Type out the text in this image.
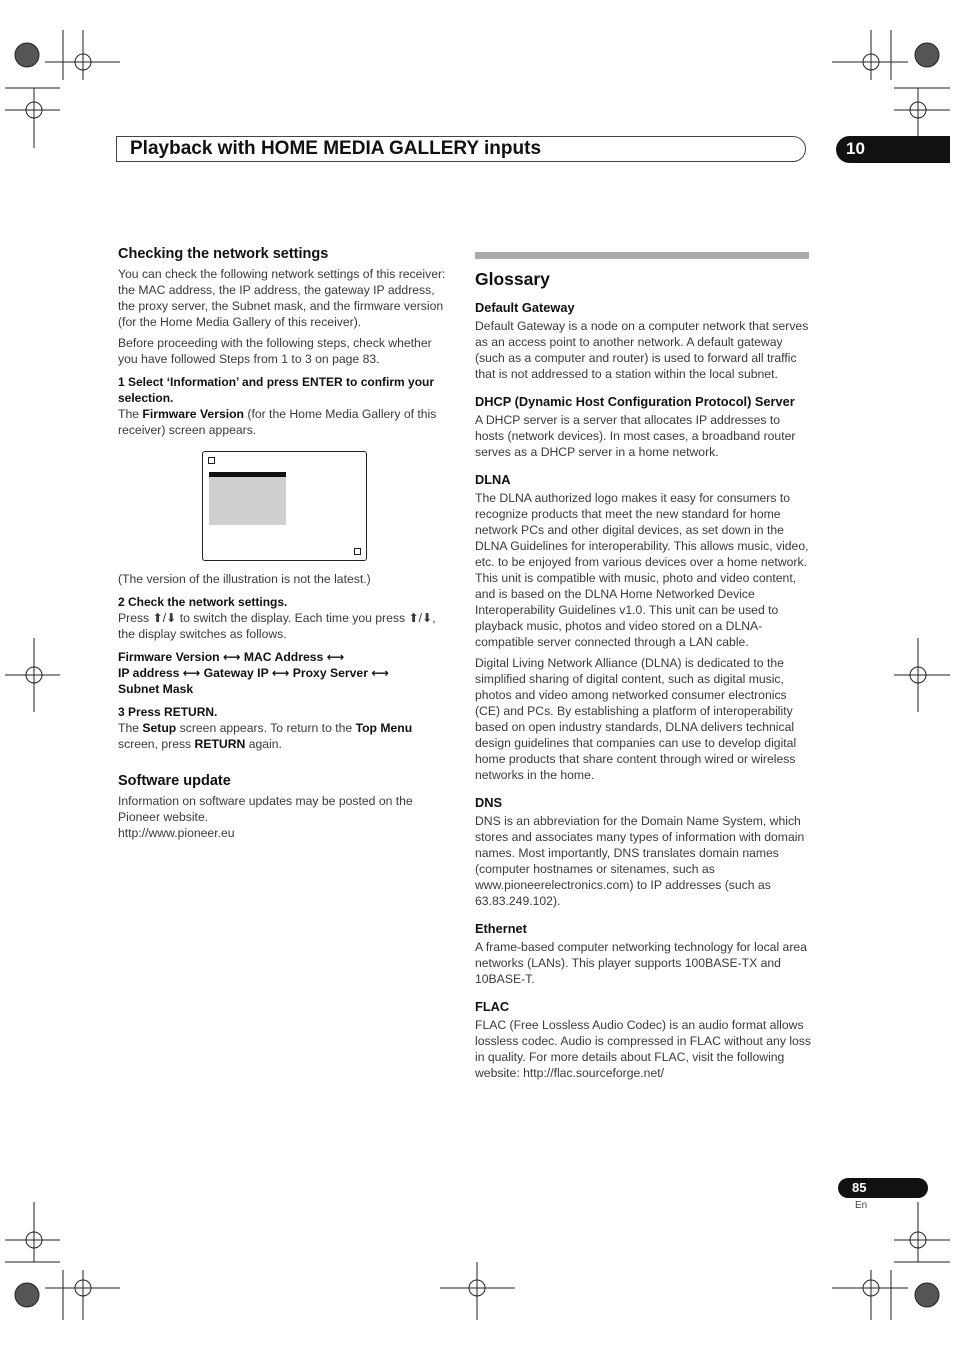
Playback with HOME MEDIA GALLERY inputs	10
Checking the network settings

You can check the following network settings of this receiver: the MAC address, the IP address, the gateway IP address, the proxy server, the Subnet mask, and the firmware version (for the Home Media Gallery of this receiver).

Before proceeding with the following steps, check whether you have followed Steps from 1 to 3 on page 83.

1 Select ‘Information’ and press ENTER to confirm your selection.

The Firmware Version (for the Home Media Gallery of this receiver) screen appears.

(The version of the illustration is not the latest.)

2 Check the network settings.

Press ⬆/⬇ to switch the display. Each time you press ⬆/⬇, the display switches as follows.

Firmware Version ⟷ MAC Address ⟷
IP address ⟷ Gateway IP ⟷ Proxy Server ⟷
Subnet Mask
3 Press RETURN.

The Setup screen appears. To return to the Top Menu screen, press RETURN again.

Software update

Information on software updates may be posted on the Pioneer website.

http://www.pioneer.eu

Glossary
Default Gateway

Default Gateway is a node on a computer network that serves as an access point to another network. A default gateway (such as a computer and router) is used to forward all traffic that is not addressed to a station within the local subnet.

DHCP (Dynamic Host Configuration Protocol) Server

A DHCP server is a server that allocates IP addresses to hosts (network devices). In most cases, a broadband router serves as a DHCP server in a home network.

DLNA

The DLNA authorized logo makes it easy for consumers to recognize products that meet the new standard for home network PCs and other digital devices, as set down in the DLNA Guidelines for interoperability. This allows music, video, etc. to be enjoyed from various devices over a home network. This unit is compatible with music, photo and video content, and is based on the DLNA Home Networked Device Interoperability Guidelines v1.0. This unit can be used to playback music, photos and video stored on a DLNA-compatible server connected through a LAN cable.

Digital Living Network Alliance (DLNA) is dedicated to the simplified sharing of digital content, such as digital music, photos and video among networked consumer electronics (CE) and PCs. By establishing a platform of interoperability based on open industry standards, DLNA delivers technical design guidelines that companies can use to develop digital home products that share content through wired or wireless networks in the home.

DNS

DNS is an abbreviation for the Domain Name System, which stores and associates many types of information with domain names. Most importantly, DNS translates domain names (computer hostnames or sitenames, such as www.pioneerelectronics.com) to IP addresses (such as 63.83.249.102).

Ethernet

A frame-based computer networking technology for local area networks (LANs). This player supports 100BASE-TX and 10BASE-T.

FLAC

FLAC (Free Lossless Audio Codec) is an audio format allows lossless codec. Audio is compressed in FLAC without any loss in quality. For more details about FLAC, visit the following website: http://flac.sourceforge.net/

85
En
